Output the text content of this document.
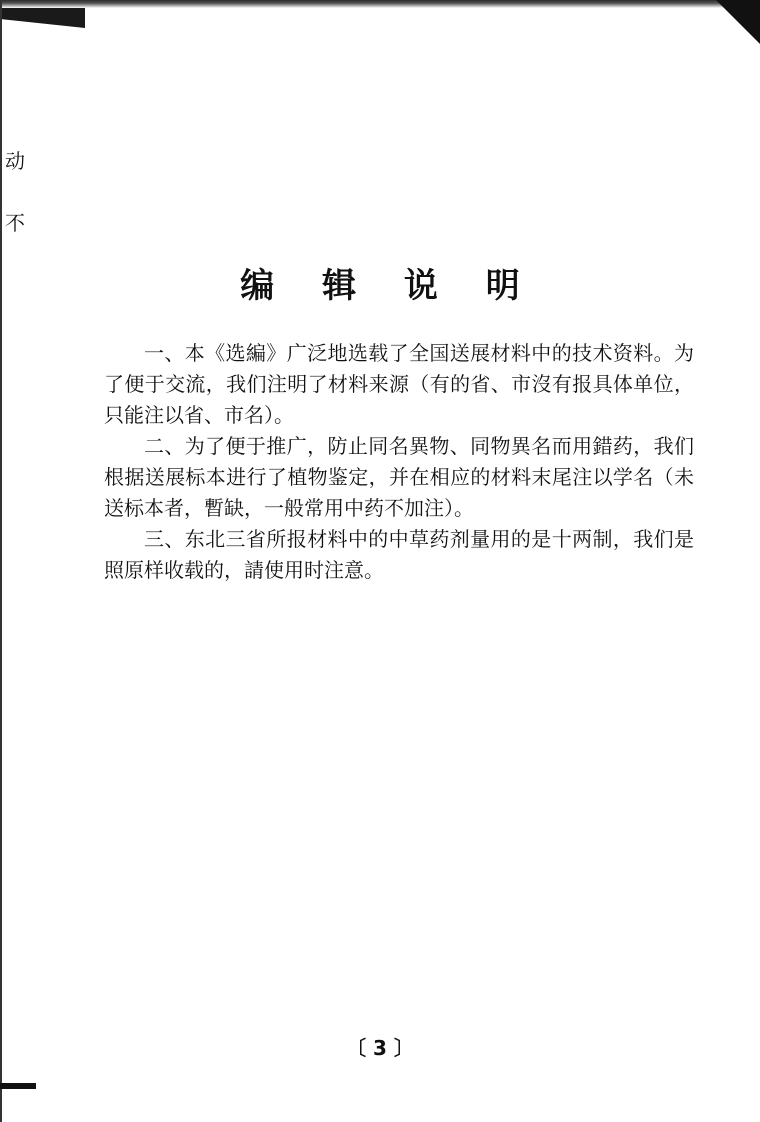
动
不
编 辑 说 明

一、本《选編》广泛地选载了全国送展材料中的技术资料。为了便于交流，我们注明了材料来源（有的省、市沒有报具体单位，只能注以省、市名）。

二、为了便于推广，防止同名異物、同物異名而用錯药，我们根据送展标本进行了植物鉴定，并在相应的材料末尾注以学名（未送标本者，暫缺，一般常用中药不加注）。

三、东北三省所报材料中的中草药剂量用的是十两制，我们是照原样收载的，請使用时注意。

〔 3 〕
